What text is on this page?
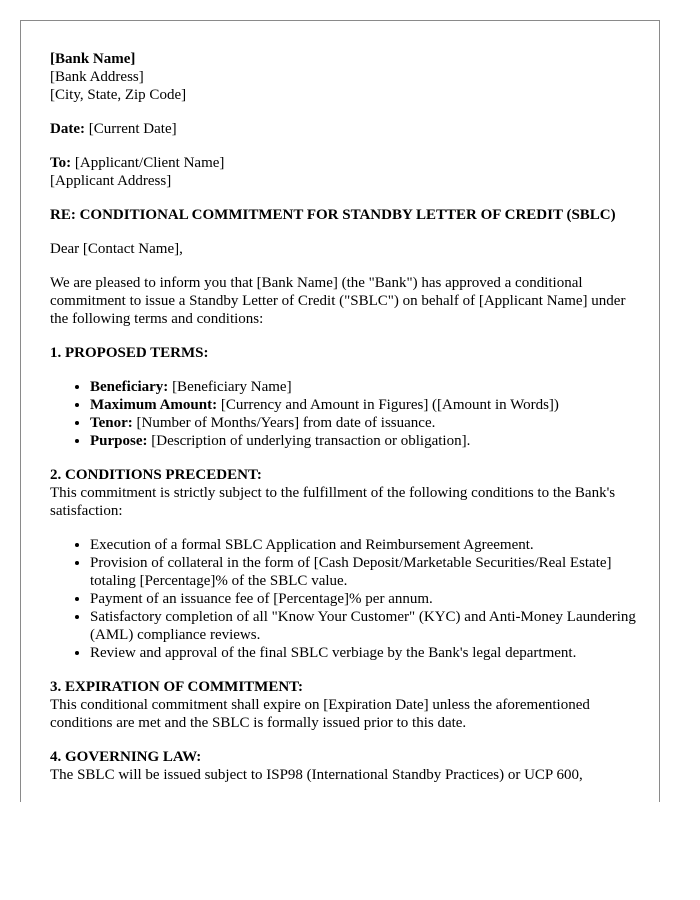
[Bank Name]
[Bank Address]
[City, State, Zip Code]

Date: [Current Date]

To: [Applicant/Client Name]
[Applicant Address]

RE: CONDITIONAL COMMITMENT FOR STANDBY LETTER OF CREDIT (SBLC)

Dear [Contact Name],

We are pleased to inform you that [Bank Name] (the "Bank") has approved a conditional commitment to issue a Standby Letter of Credit ("SBLC") on behalf of [Applicant Name] under the following terms and conditions:

1. PROPOSED TERMS:
• Beneficiary: [Beneficiary Name]
• Maximum Amount: [Currency and Amount in Figures] ([Amount in Words])
• Tenor: [Number of Months/Years] from date of issuance.
• Purpose: [Description of underlying transaction or obligation].
2. CONDITIONS PRECEDENT:

This commitment is strictly subject to the fulfillment of the following conditions to the Bank's satisfaction:

• Execution of a formal SBLC Application and Reimbursement Agreement.
• Provision of collateral in the form of [Cash Deposit/Marketable Securities/Real Estate] totaling [Percentage]% of the SBLC value.
• Payment of an issuance fee of [Percentage]% per annum.
• Satisfactory completion of all "Know Your Customer" (KYC) and Anti-Money Laundering (AML) compliance reviews.
• Review and approval of the final SBLC verbiage by the Bank's legal department.
3. EXPIRATION OF COMMITMENT:

This conditional commitment shall expire on [Expiration Date] unless the aforementioned conditions are met and the SBLC is formally issued prior to this date.

4. GOVERNING LAW:

The SBLC will be issued subject to ISP98 (International Standby Practices) or UCP 600,
